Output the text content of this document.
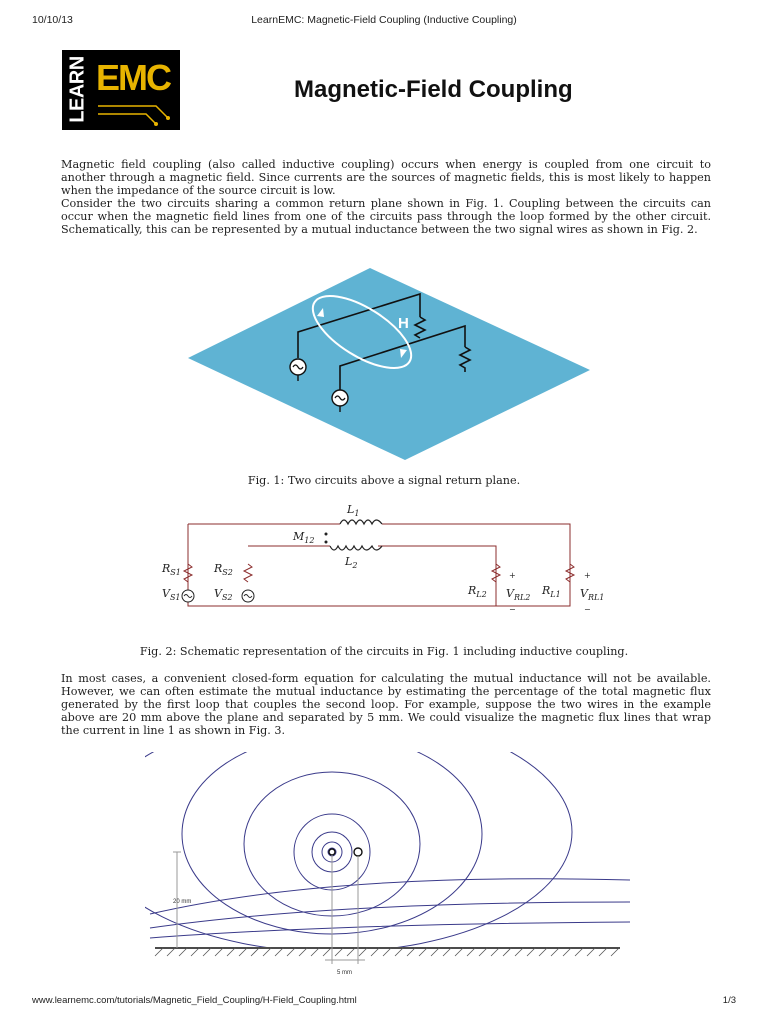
10/10/13	LearnEMC: Magnetic-Field Coupling (Inductive Coupling)
LEARN EMC	Magnetic-Field Coupling

Magnetic field coupling (also called inductive coupling) occurs when energy is coupled from one circuit to another through a magnetic field. Since currents are the sources of magnetic fields, this is most likely to happen when the impedance of the source circuit is low.

Consider the two circuits sharing a common return plane shown in Fig. 1. Coupling between the circuits can occur when the magnetic field lines from one of the circuits pass through the loop formed by the other circuit. Schematically, this can be represented by a mutual inductance between the two signal wires as shown in Fig. 2.

H
Fig. 1: Two circuits above a signal return plane.
$L_1$
$M_{12}$
$L_2$
$R_{S1}$	$R_{S2}$
$V_{S1}$	$V_{S2}$
$R_{L2}$ $V_{RL2}$
$R_{L1}$ $V_{RL1}$
+	+
−	−
Fig. 2: Schematic representation of the circuits in Fig. 1 including inductive coupling.

In most cases, a convenient closed-form equation for calculating the mutual inductance will not be available. However, we can often estimate the mutual inductance by estimating the percentage of the total magnetic flux generated by the first loop that couples the second loop. For example, suppose the two wires in the example above are 20 mm above the plane and separated by 5 mm. We could visualize the magnetic flux lines that wrap the current in line 1 as shown in Fig. 3.

20 mm
5 mm
www.learnemc.com/tutorials/Magnetic_Field_Coupling/H-Field_Coupling.html	1/3
